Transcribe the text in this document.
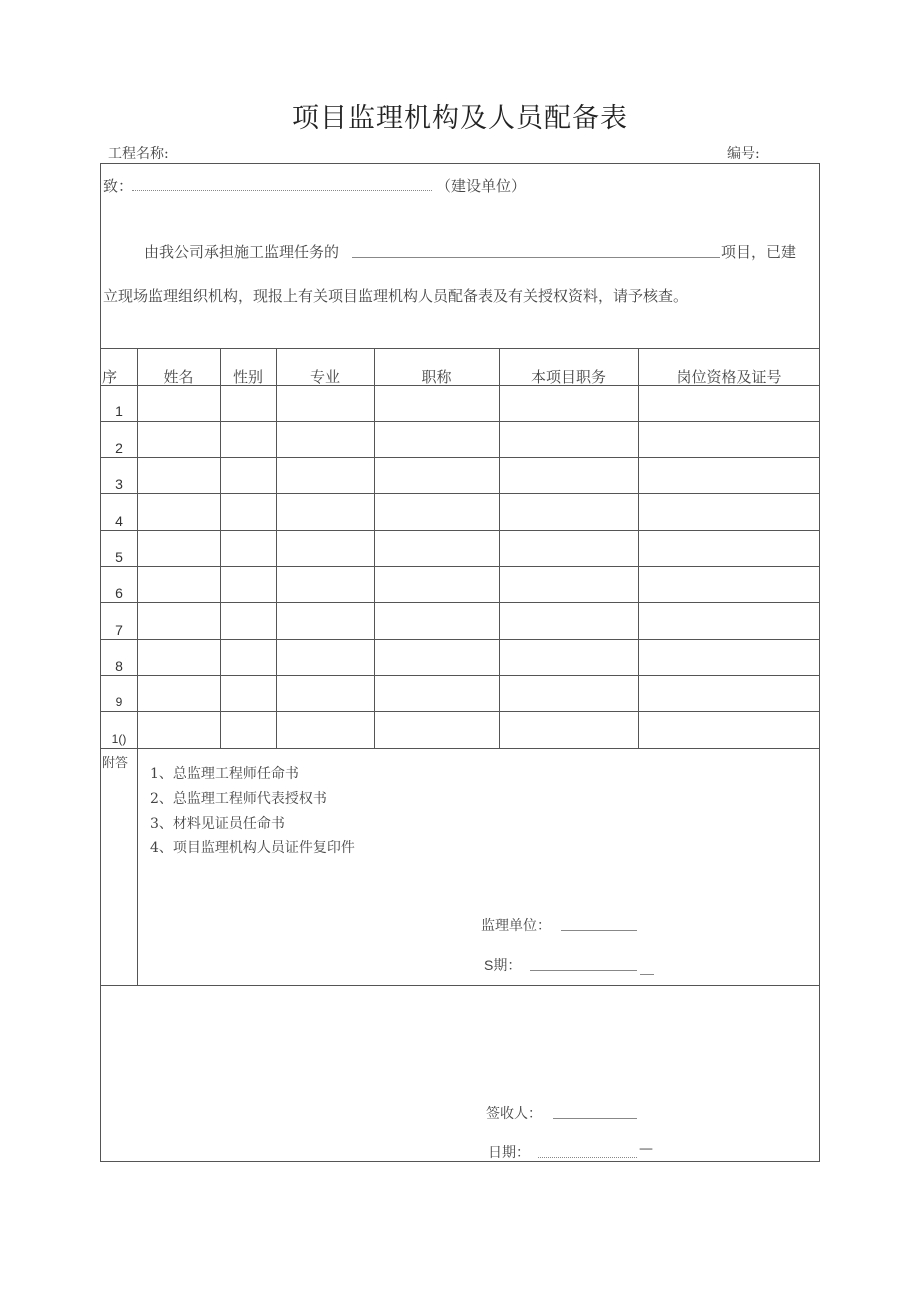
项目监理机构及人员配备表
工程名称:	编号:
致：	（建设单位）
由我公司承担施工监理任务的	项目，已建
立现场监理组织机构，现报上有关项目监理机构人员配备表及有关授权资料，请予核查。
序	姓名	性别	专业	职称	本项目职务	岗位资格及证号
1
2
3
4
5
6
7
8
9
1()
附答
1、总监理工程师任命书
2、总监理工程师代表授权书
3、材料见证员任命书
4、项目监理机构人员证件复印件
监理单位：
S期：
签收人：
日期：	—
